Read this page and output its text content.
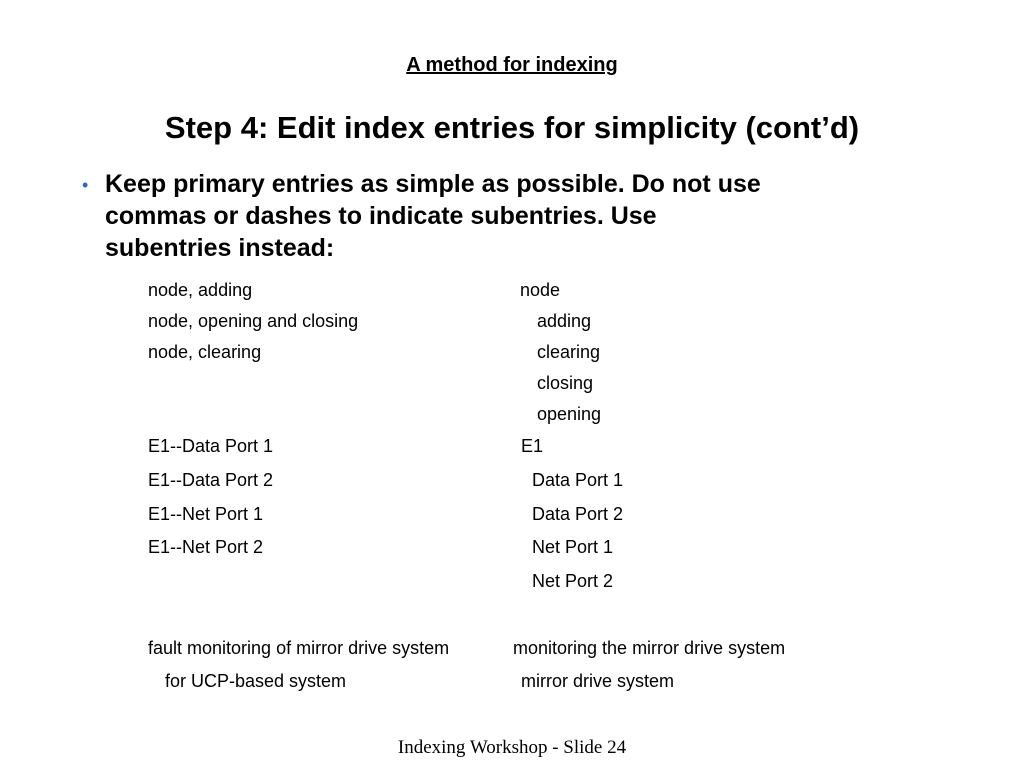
A method for indexing
Step 4: Edit index entries for simplicity (cont’d)
• Keep primary entries as simple as possible. Do not use
commas or dashes to indicate subentries. Use
subentries instead:
node, adding
node, opening and closing
node, clearing
node
adding
clearing
closing
opening
E1--Data Port 1
E1--Data Port 2
E1--Net Port 1
E1--Net Port 2
E1
Data Port 1
Data Port 2
Net Port 1
Net Port 2
fault monitoring of mirror drive system
for UCP-based system
monitoring the mirror drive system
mirror drive system
Indexing Workshop - Slide 24
